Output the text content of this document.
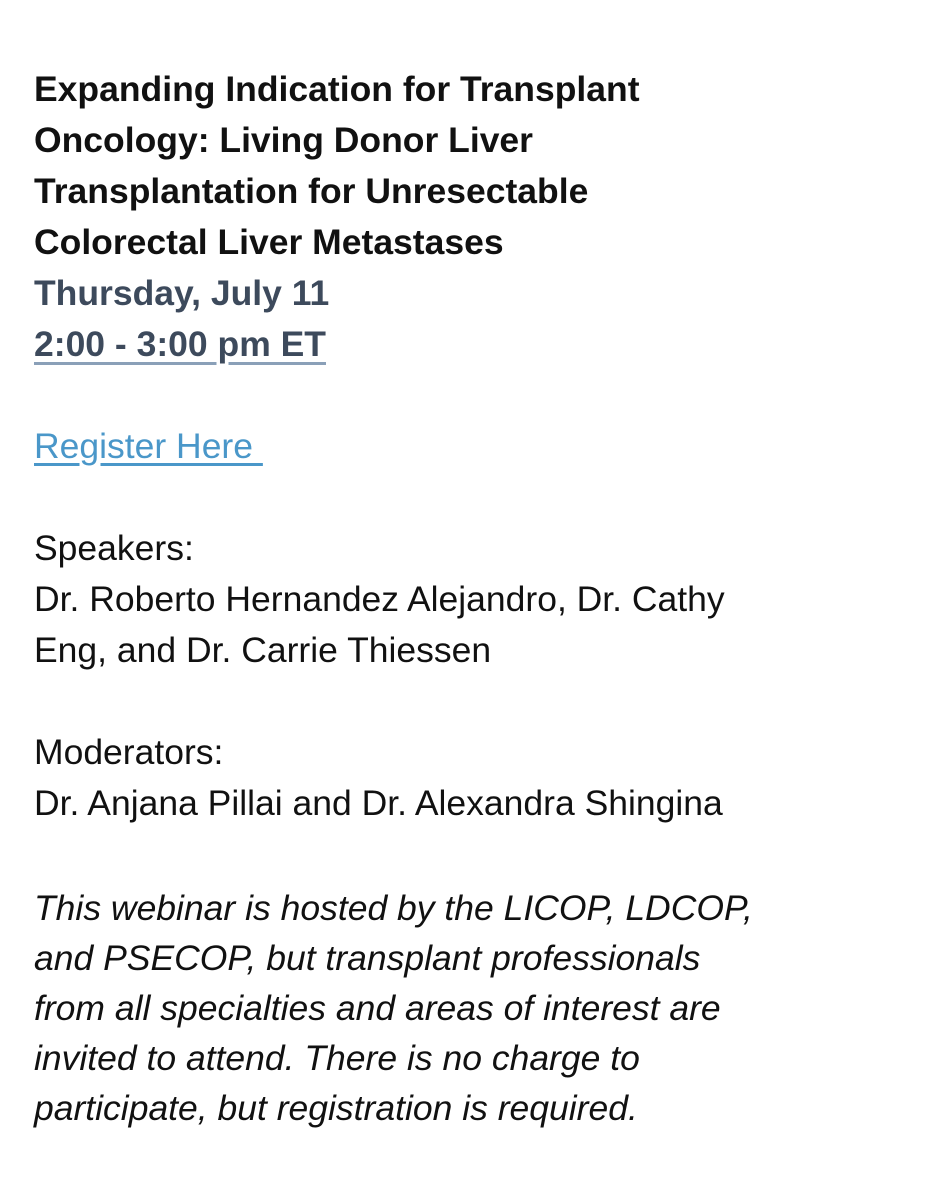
Expanding Indication for Transplant
Oncology: Living Donor Liver
Transplantation for Unresectable
Colorectal Liver Metastases
Thursday, July 11
2:00 - 3:00 pm ET
Register Here
Speakers:
Dr. Roberto Hernandez Alejandro, Dr. Cathy
Eng, and Dr. Carrie Thiessen
Moderators:
Dr. Anjana Pillai and Dr. Alexandra Shingina
This webinar is hosted by the LICOP, LDCOP,
and PSECOP, but transplant professionals
from all specialties and areas of interest are
invited to attend. There is no charge to
participate, but registration is required.
